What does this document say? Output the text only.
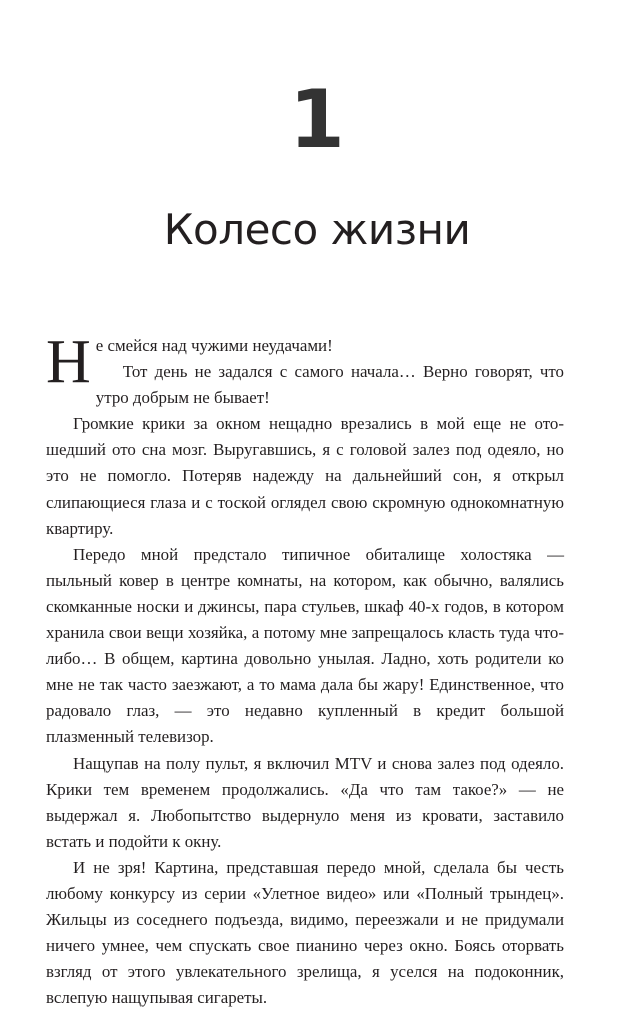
1
Колесо жизни

Не смейся над чужими неудачами!
Тот день не задался с самого начала… Верно говорят, что утро добрым не бывает!

Громкие крики за окном нещадно врезались в мой еще не отошедший ото сна мозг. Выругавшись, я с головой залез под одеяло, но это не помогло. Потеряв надежду на дальнейший сон, я открыл слипающиеся глаза и с тоской оглядел свою скромную однокомнатную квартиру.

Передо мной предстало типичное обиталище холостяка — пыльный ковер в центре комнаты, на котором, как обычно, валялись скомканные носки и джинсы, пара стульев, шкаф 40-х годов, в котором хранила свои вещи хозяйка, а потому мне запрещалось класть туда что-либо… В общем, картина довольно унылая. Ладно, хоть родители ко мне не так часто заезжают, а то мама дала бы жару! Единственное, что радовало глаз, — это недавно купленный в кредит большой плазменный телевизор.

Нащупав на полу пульт, я включил MTV и снова залез под одеяло. Крики тем временем продолжались. «Да что там такое?» — не выдержал я. Любопытство выдернуло меня из кровати, заставило встать и подойти к окну.

И не зря! Картина, представшая передо мной, сделала бы честь любому конкурсу из серии «Улетное видео» или «Полный трындец». Жильцы из соседнего подъезда, видимо, переезжали и не придумали ничего умнее, чем спускать свое пианино через окно. Боясь оторвать взгляд от этого увлекательного зрелища, я уселся на подоконник, вслепую нащупывая сигареты.
